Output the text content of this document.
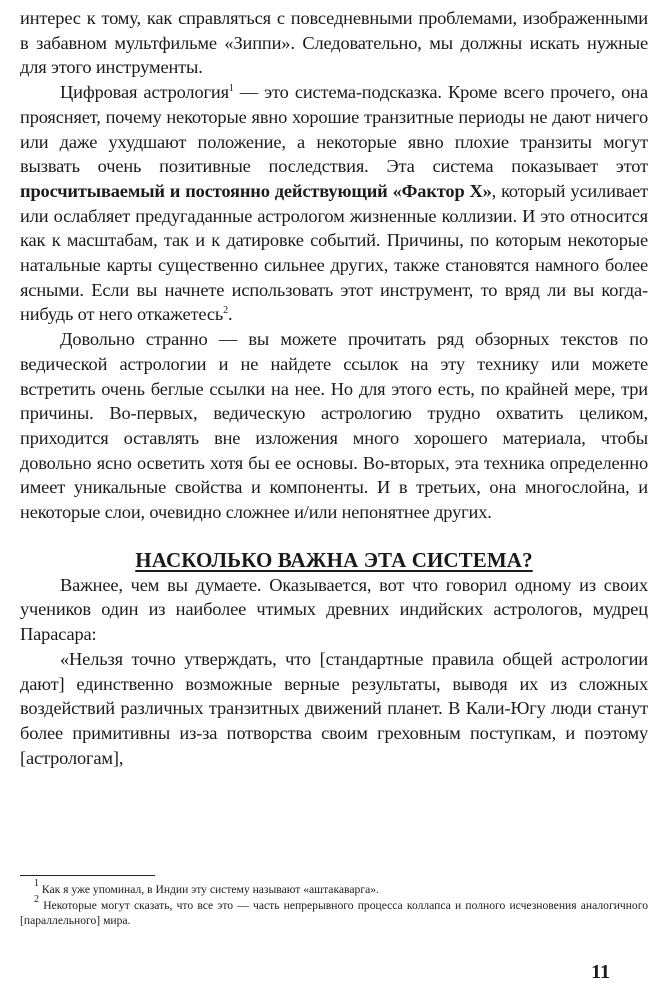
интерес к тому, как справляться с повседневными проблемами, изображенными в забавном мультфильме «Зиппи». Следовательно, мы должны искать нужные для этого инструменты.

Цифровая астрология$^1$ — это система-подсказка. Кроме всего прочего, она проясняет, почему некоторые явно хорошие транзитные периоды не дают ничего или даже ухудшают положение, а некоторые явно плохие транзиты могут вызвать очень позитивные последствия. Эта система показывает этот просчитываемый и постоянно действующий «Фактор X», который усиливает или ослабляет предугаданные астрологом жизненные коллизии. И это относится как к масштабам, так и к датировке событий. Причины, по которым некоторые натальные карты существенно сильнее других, также становятся намного более ясными. Если вы начнете использовать этот инструмент, то вряд ли вы когда-нибудь от него откажетесь$^2$.

Довольно странно — вы можете прочитать ряд обзорных текстов по ведической астрологии и не найдете ссылок на эту технику или можете встретить очень беглые ссылки на нее. Но для этого есть, по крайней мере, три причины. Во-первых, ведическую астрологию трудно охватить целиком, приходится оставлять вне изложения много хорошего материала, чтобы довольно ясно осветить хотя бы ее основы. Во-вторых, эта техника определенно имеет уникальные свойства и компоненты. И в третьих, она многослойна, и некоторые слои, очевидно сложнее и/или непонятнее других.

НАСКОЛЬКО ВАЖНА ЭТА СИСТЕМА?

Важнее, чем вы думаете. Оказывается, вот что говорил одному из своих учеников один из наиболее чтимых древних индийских астрологов, мудрец Парасара:

«Нельзя точно утверждать, что [стандартные правила общей астрологии дают] единственно возможные верные результаты, выводя их из сложных воздействий различных транзитных движений планет. В Кали-Югу люди станут более примитивны из-за потворства своим греховным поступкам, и поэтому [астрологам],

$^1$ Как я уже упоминал, в Индии эту систему называют «аштакаварга».

$^2$ Некоторые могут сказать, что все это — часть непрерывного процесса коллапса и полного исчезновения аналогичного [параллельного] мира.

11
